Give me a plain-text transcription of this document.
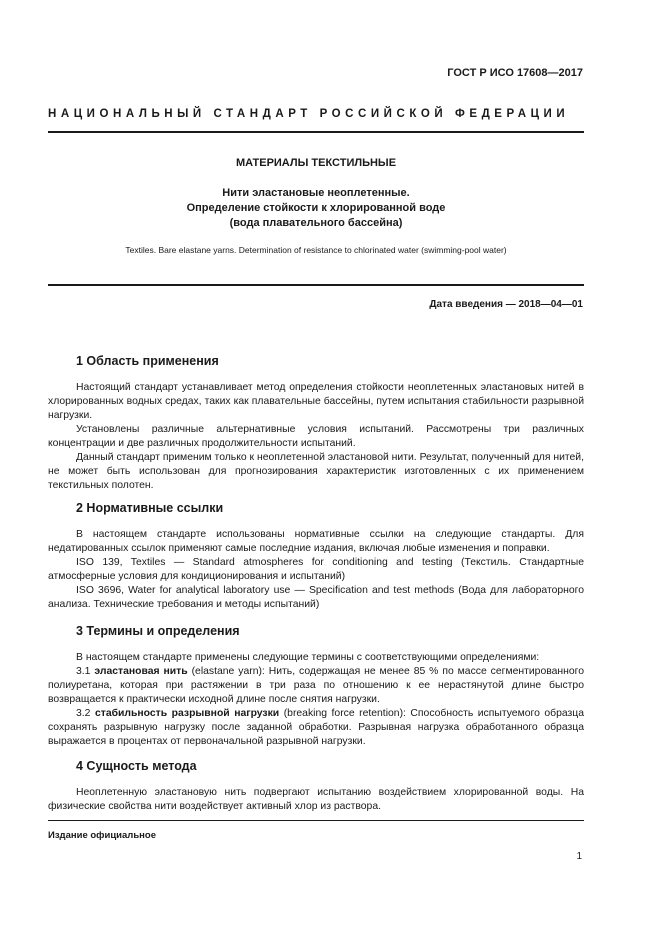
ГОСТ Р ИСО 17608—2017
НАЦИОНАЛЬНЫЙ СТАНДАРТ РОССИЙСКОЙ ФЕДЕРАЦИИ
МАТЕРИАЛЫ ТЕКСТИЛЬНЫЕ
Нити эластановые неоплетенные.
Определение стойкости к хлорированной воде
(вода плавательного бассейна)
Textiles. Bare elastane yarns. Determination of resistance to chlorinated water (swimming-pool water)
Дата введения — 2018—04—01
1 Область применения

Настоящий стандарт устанавливает метод определения стойкости неоплетенных эластановых нитей в хлорированных водных средах, таких как плавательные бассейны, путем испытания стабильности разрывной нагрузки.

Установлены различные альтернативные условия испытаний. Рассмотрены три различных концентрации и две различных продолжительности испытаний.

Данный стандарт применим только к неоплетенной эластановой нити. Результат, полученный для нитей, не может быть использован для прогнозирования характеристик изготовленных с их применением текстильных полотен.

2 Нормативные ссылки

В настоящем стандарте использованы нормативные ссылки на следующие стандарты. Для недатированных ссылок применяют самые последние издания, включая любые изменения и поправки.

ISO 139, Textiles — Standard atmospheres for conditioning and testing (Текстиль. Стандартные атмосферные условия для кондиционирования и испытаний)

ISO 3696, Water for analytical laboratory use — Specification and test methods (Вода для лабораторного анализа. Технические требования и методы испытаний)

3 Термины и определения

В настоящем стандарте применены следующие термины с соответствующими определениями:

3.1 эластановая нить (elastane yarn): Нить, содержащая не менее 85 % по массе сегментированного полиуретана, которая при растяжении в три раза по отношению к ее нерастянутой длине быстро возвращается к практически исходной длине после снятия нагрузки.

3.2 стабильность разрывной нагрузки (breaking force retention): Способность испытуемого образца сохранять разрывную нагрузку после заданной обработки. Разрывная нагрузка обработанного образца выражается в процентах от первоначальной разрывной нагрузки.

4 Сущность метода

Неоплетенную эластановую нить подвергают испытанию воздействием хлорированной воды. На физические свойства нити воздействует активный хлор из раствора.

Издание официальное
1
